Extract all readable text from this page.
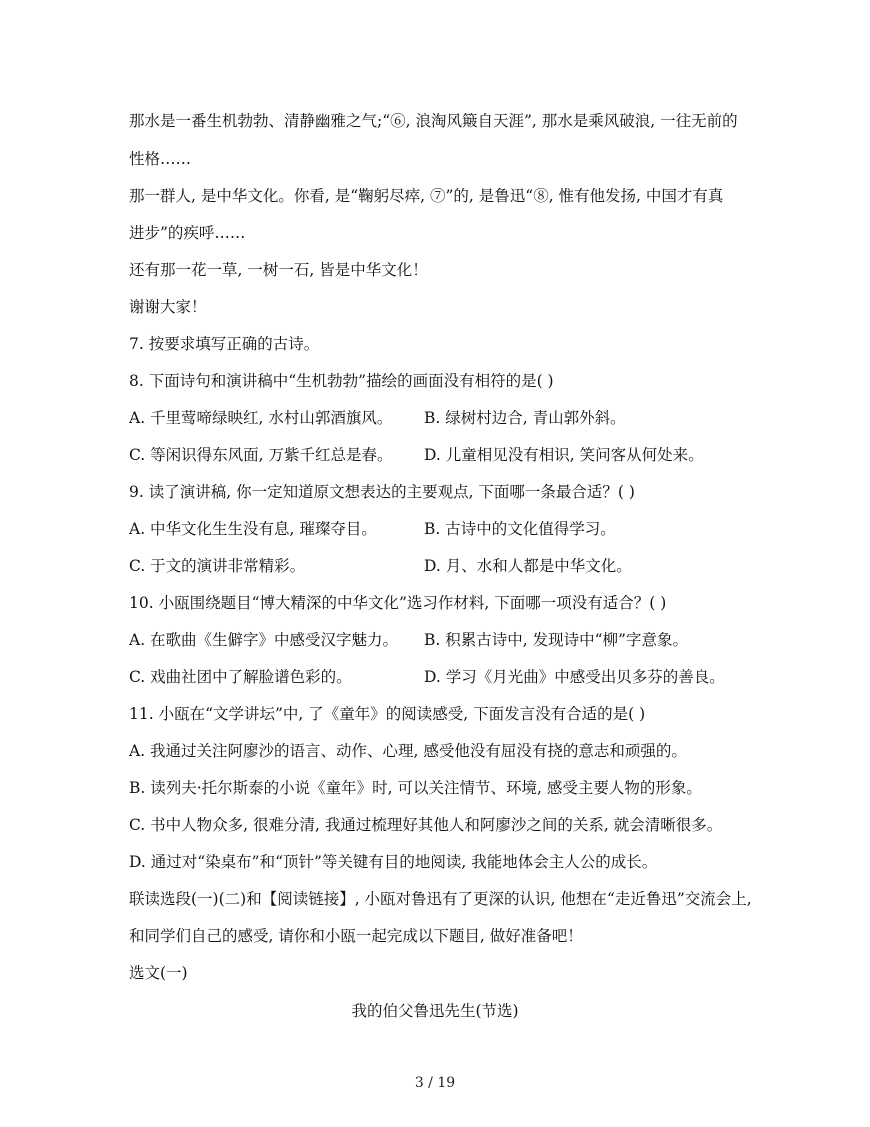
那水是一番生机勃勃、清静幽雅之气;“⑥, 浪淘风簸自天涯”, 那水是乘风破浪, 一往无前的
性格……
那一群人, 是中华文化。你看, 是“鞠躬尽瘁, ⑦”的, 是鲁迅“⑧, 惟有他发扬, 中国才有真
进步”的疾呼……
还有那一花一草, 一树一石, 皆是中华文化！
谢谢大家！
7. 按要求填写正确的古诗。
8. 下面诗句和演讲稿中“生机勃勃”描绘的画面没有相符的是( )
A. 千里莺啼绿映红, 水村山郭酒旗风。 B. 绿树村边合, 青山郭外斜。
C. 等闲识得东风面, 万紫千红总是春。 D. 儿童相见没有相识, 笑问客从何处来。
9. 读了演讲稿, 你一定知道原文想表达的主要观点, 下面哪一条最合适？( )
A. 中华文化生生没有息, 璀璨夺目。	B. 古诗中的文化值得学习。
C. 于文的演讲非常精彩。	D. 月、水和人都是中华文化。
10. 小瓯围绕题目“博大精深的中华文化”选习作材料, 下面哪一项没有适合？( )
A. 在歌曲《生僻字》中感受汉字魅力。 B. 积累古诗中, 发现诗中“柳”字意象。
C. 戏曲社团中了解脸谱色彩的。	D. 学习《月光曲》中感受出贝多芬的善良。
11. 小瓯在“文学讲坛”中, 了《童年》的阅读感受, 下面发言没有合适的是( )
A. 我通过关注阿廖沙的语言、动作、心理, 感受他没有屈没有挠的意志和顽强的。
B. 读列夫·托尔斯泰的小说《童年》时, 可以关注情节、环境, 感受主要人物的形象。
C. 书中人物众多, 很难分清, 我通过梳理好其他人和阿廖沙之间的关系, 就会清晰很多。
D. 通过对“染桌布”和“顶针”等关键有目的地阅读, 我能地体会主人公的成长。
联读选段(一)(二)和【阅读链接】, 小瓯对鲁迅有了更深的认识, 他想在“走近鲁迅”交流会上,
和同学们自己的感受, 请你和小瓯一起完成以下题目, 做好准备吧！
选文(一)
我的伯父鲁迅先生(节选)
3 / 19
